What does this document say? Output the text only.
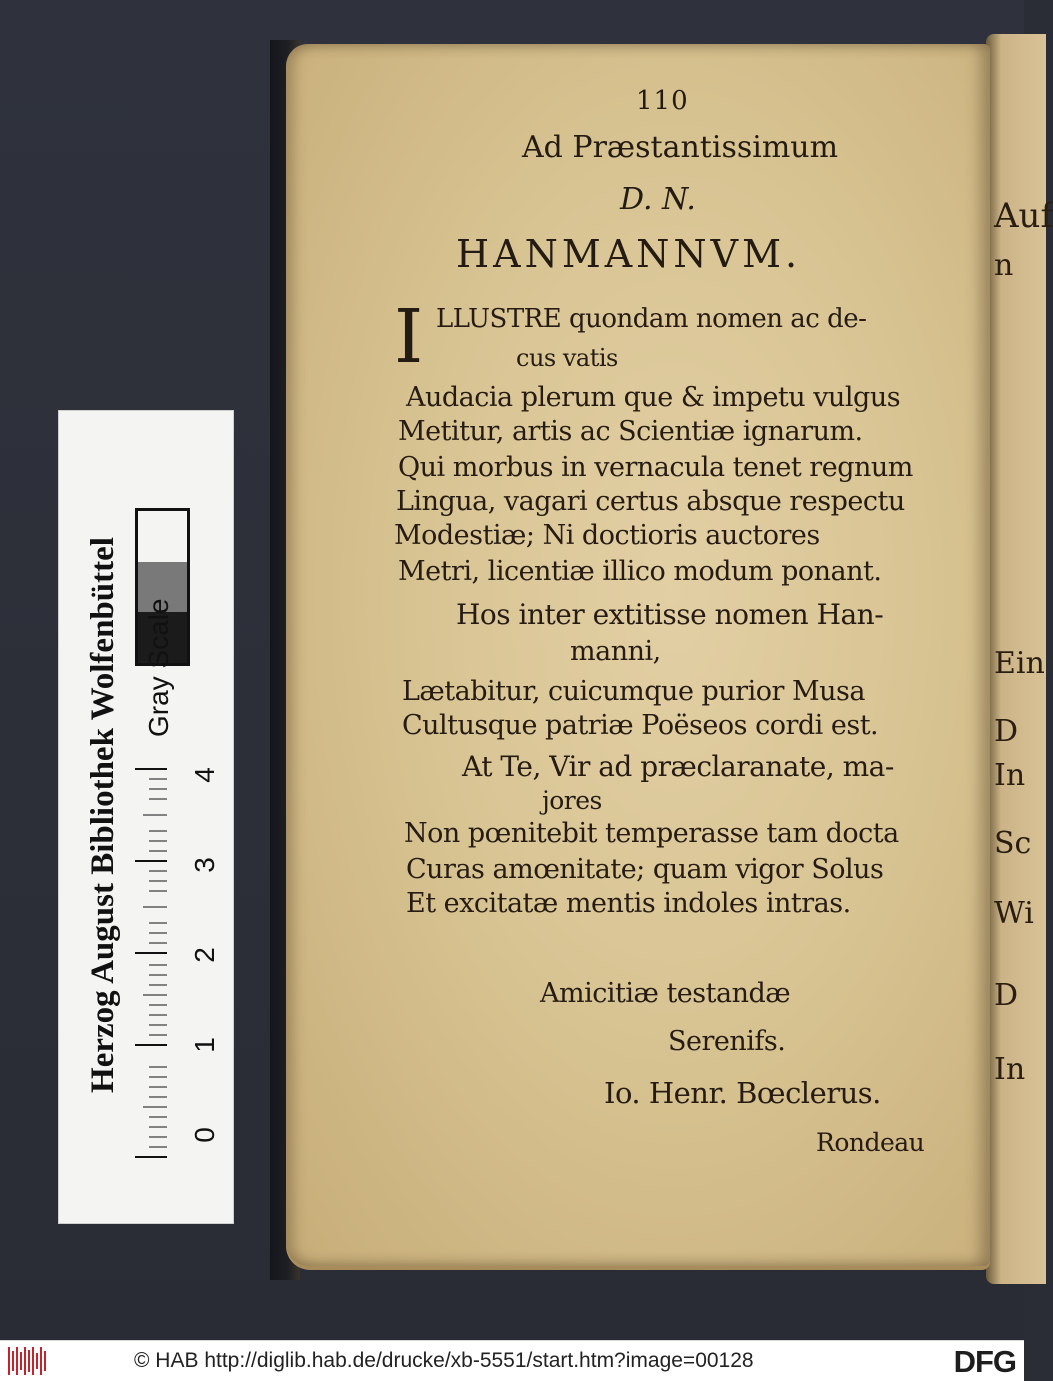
Auf
n
Ein
D
In
Sc
Wi
D
In
110
Ad Præstantissimum
D. N.
HANMANNVM.
I LLUSTRE quondam nomen ac de-
cus vatis
Audacia plerum que & impetu vulgus
Metitur, artis ac Scientiæ ignarum.
Qui morbus in vernacula tenet regnum
Lingua, vagari certus absque respectu
Modestiæ; Ni doctioris auctores
Metri, licentiæ illico modum ponant.
Hos inter extitisse nomen Han-
manni,
Lætabitur, cuicumque purior Musa
Cultusque patriæ Poëseos cordi est.
At Te, Vir ad præclaranate, ma-
jores
Non pœnitebit temperasse tam docta
Curas amœnitate; quam vigor Solus
Et excitatæ mentis indoles intras.
Amicitiæ testandæ
Serenifs.
Io. Henr. Bœclerus.
Rondeau
Herzog August Bibliothek Wolfenbüttel Gray Scale
0
1
2
3
4
© HAB http://diglib.hab.de/drucke/xb-5551/start.htm?image=00128	DFG
